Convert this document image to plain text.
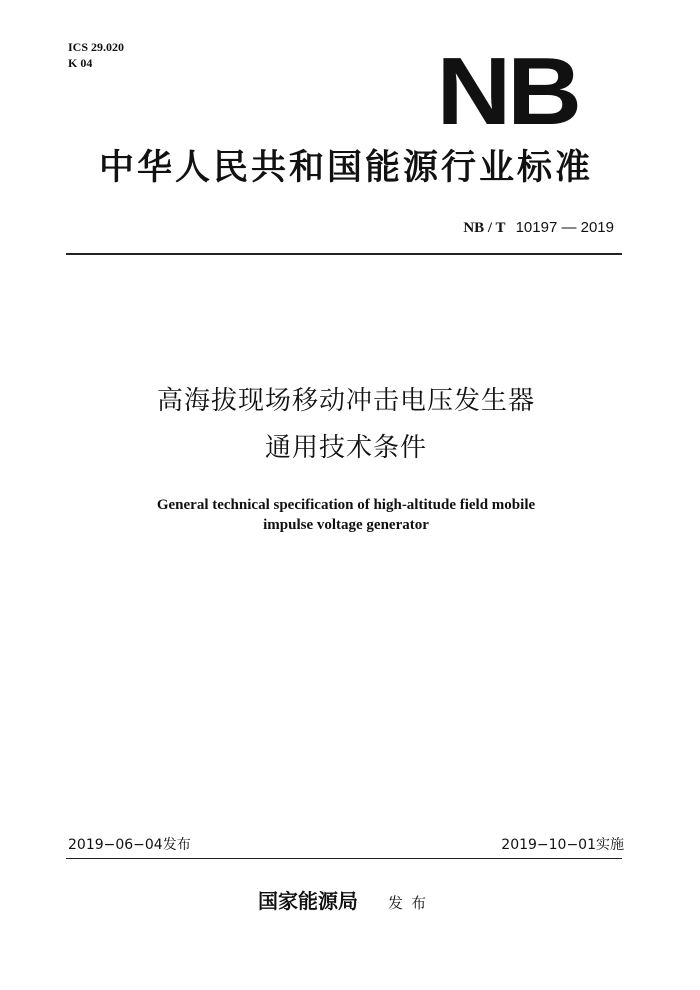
ICS 29.020
K 04	NB
中华人民共和国能源行业标准
NB / T 10197 — 2019
高海拔现场移动冲击电压发生器
通用技术条件
General technical specification of high-altitude field mobile
impulse voltage generator
2019−06−04发布	2019−10−01实施
国家能源局 发布
